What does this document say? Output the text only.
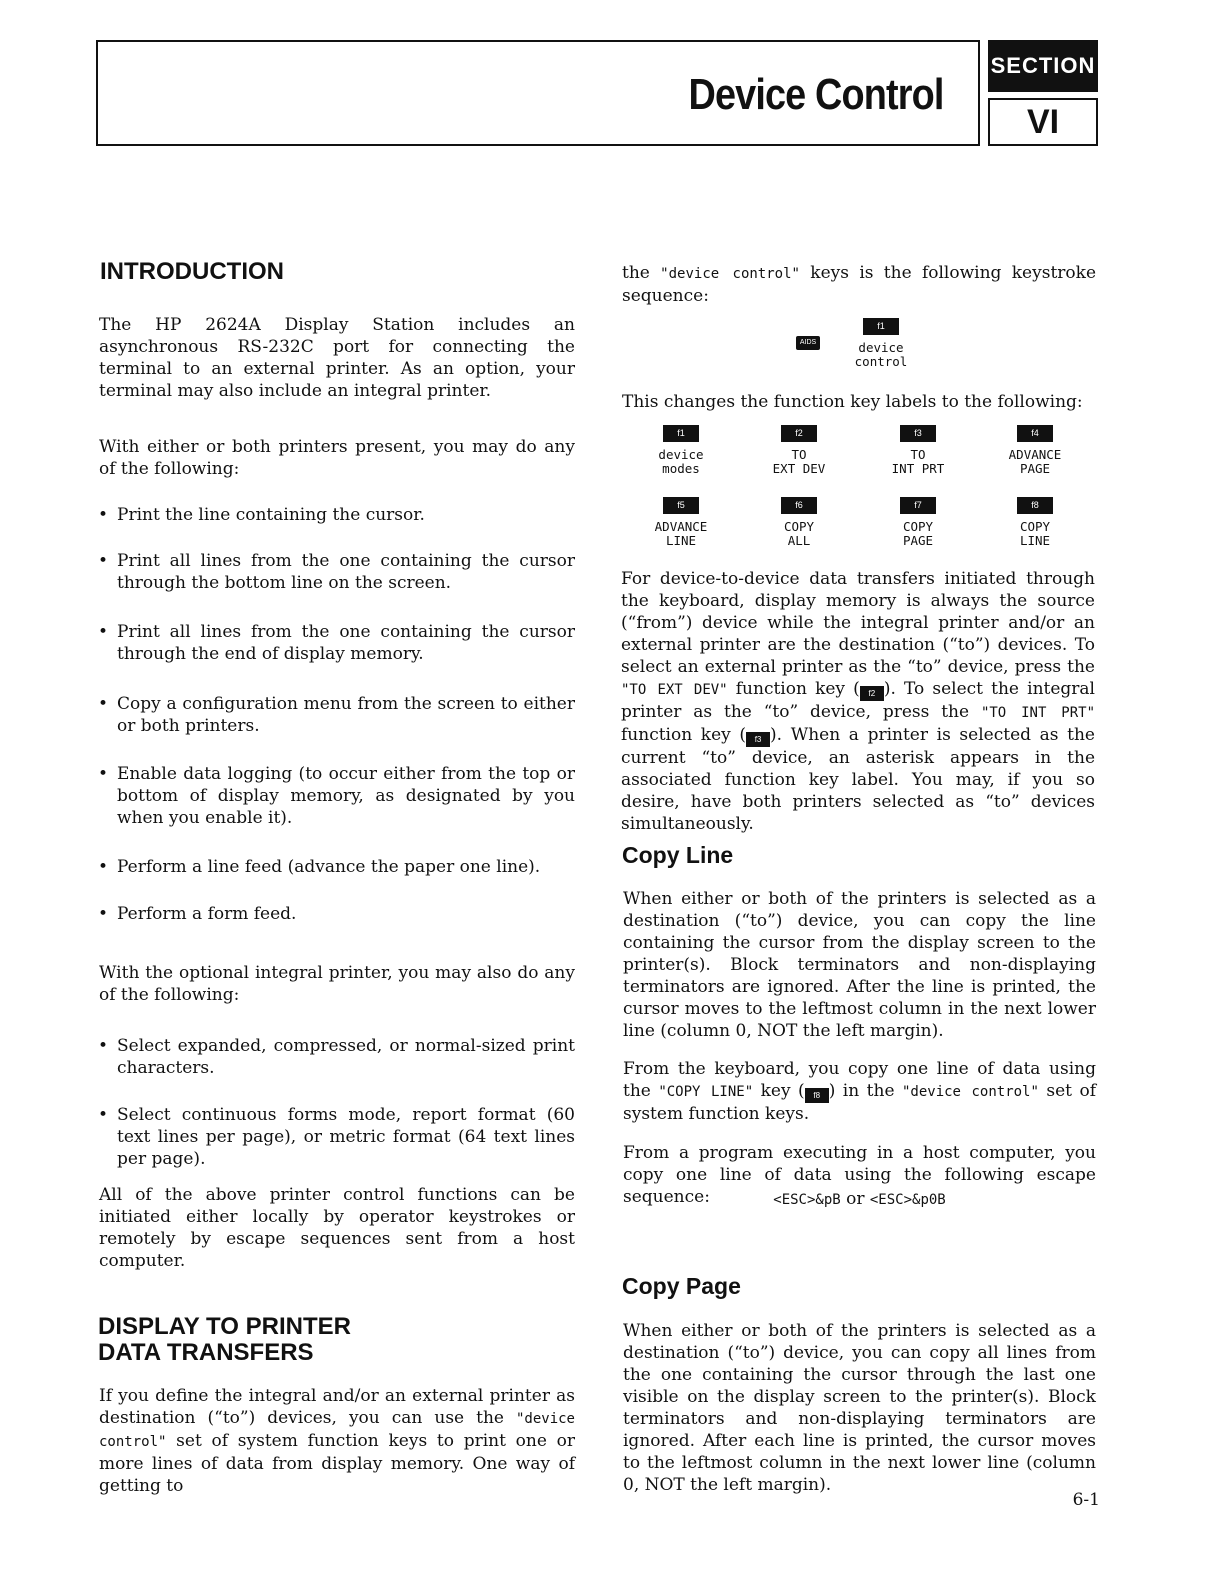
Device Control
SECTION
VI
INTRODUCTION

The HP 2624A Display Station includes an asynchronous RS-232C port for connecting the terminal to an external printer. As an option, your terminal may also include an integral printer.

With either or both printers present, you may do any of the following:

• Print the line containing the cursor.

• Print all lines from the one containing the cursor through the bottom line on the screen.

• Print all lines from the one containing the cursor through the end of display memory.

• Copy a configuration menu from the screen to either or both printers.

• Enable data logging (to occur either from the top or bottom of display memory, as designated by you when you enable it).

• Perform a line feed (advance the paper one line).

• Perform a form feed.

With the optional integral printer, you may also do any of the following:

• Select expanded, compressed, or normal-sized print characters.

• Select continuous forms mode, report format (60 text lines per page), or metric format (64 text lines per page).

All of the above printer control functions can be initiated either locally by operator keystrokes or remotely by escape sequences sent from a host computer.

DISPLAY TO PRINTER
DATA TRANSFERS

If you define the integral and/or an external printer as destination (“to”) devices, you can use the "device control" set of system function keys to print one or more lines of data from display memory. One way of getting to

the "device control" keys is the following keystroke sequence:

AIDS
f1
device
control

This changes the function key labels to the following:

f1
device
modes
f2
TO
EXT DEV
f3
TO
INT PRT
f4
ADVANCE
PAGE
f5
ADVANCE
LINE
f6
COPY
ALL
f7
COPY
PAGE
f8
COPY
LINE

For device-to-device data transfers initiated through the keyboard, display memory is always the source (“from”) device while the integral printer and/or an external printer are the destination (“to”) devices. To select an external printer as the “to” device, press the "TO EXT DEV" function key ( f2 ). To select the integral printer as the “to” device, press the "TO INT PRT" function key ( f3 ). When a printer is selected as the current “to” device, an asterisk appears in the associated function key label. You may, if you so desire, have both printers selected as “to” devices simultaneously.

Copy Line

When either or both of the printers is selected as a destination (“to”) device, you can copy the line containing the cursor from the display screen to the printer(s). Block terminators and non-displaying terminators are ignored. After the line is printed, the cursor moves to the leftmost column in the next lower line (column 0, NOT the left margin).

From the keyboard, you copy one line of data using the "COPY LINE" key ( f8 ) in the "device control" set of system function keys.

From a program executing in a host computer, you copy one line of data using the following escape sequence:	<ESC>&pB or <ESC>&p0B
Copy Page

When either or both of the printers is selected as a destination (“to”) device, you can copy all lines from the one containing the cursor through the last one visible on the display screen to the printer(s). Block terminators and non-displaying terminators are ignored. After each line is printed, the cursor moves to the leftmost column in the next lower line (column 0, NOT the left margin).

6-1
